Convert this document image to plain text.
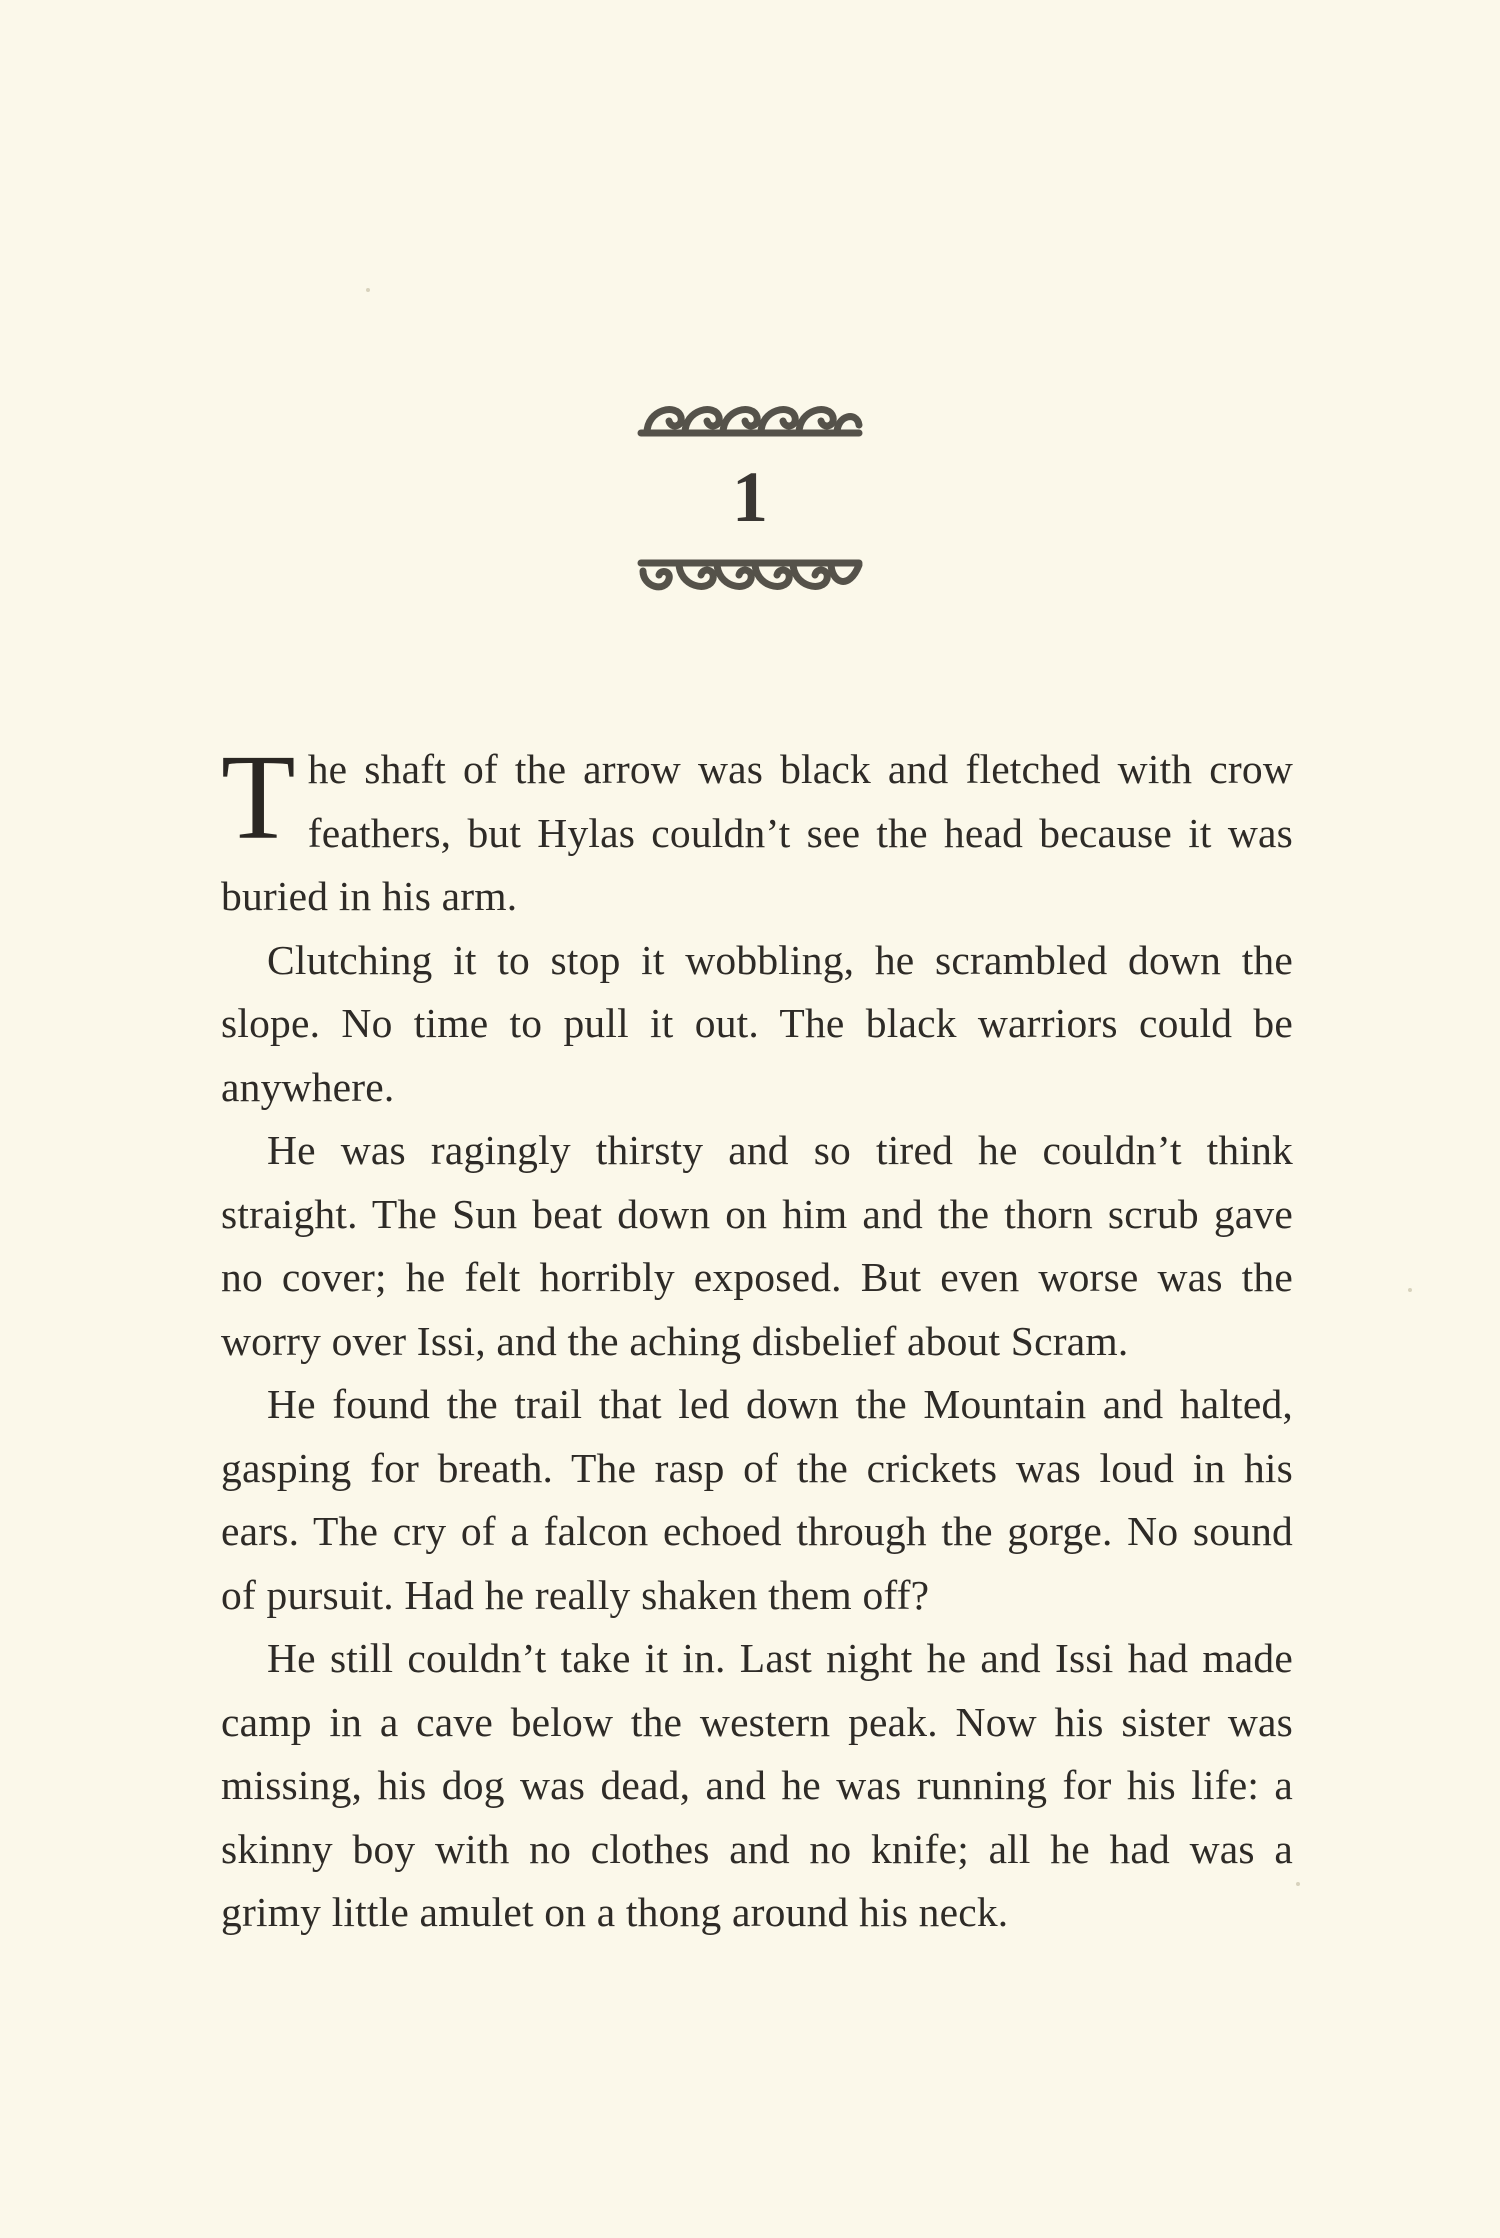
1

The shaft of the arrow was black and fletched with crow feathers, but Hylas couldn’t see the head because it was buried in his arm.

Clutching it to stop it wobbling, he scrambled down the slope. No time to pull it out. The black warriors could be anywhere.

He was ragingly thirsty and so tired he couldn’t think straight. The Sun beat down on him and the thorn scrub gave no cover; he felt horribly exposed. But even worse was the worry over Issi, and the aching disbelief about Scram.

He found the trail that led down the Mountain and halted, gasping for breath. The rasp of the crickets was loud in his ears. The cry of a falcon echoed through the gorge. No sound of pursuit. Had he really shaken them off?

He still couldn’t take it in. Last night he and Issi had made camp in a cave below the western peak. Now his sister was missing, his dog was dead, and he was running for his life: a skinny boy with no clothes and no knife; all he had was a grimy little amulet on a thong around his neck.
